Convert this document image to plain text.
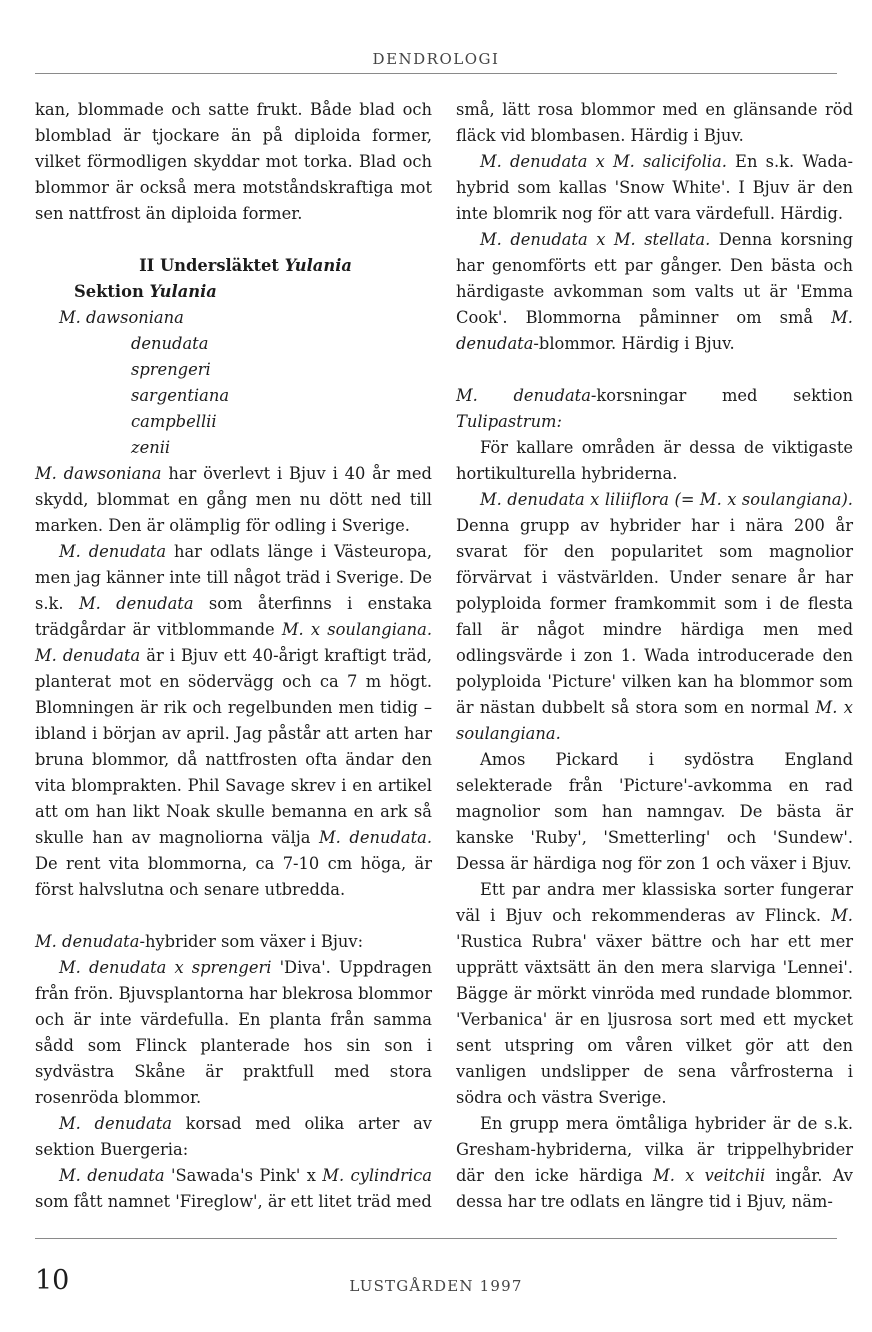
DENDROLOGI

kan, blommade och satte frukt. Både blad och blomblad är tjockare än på diploida former, vilket förmodligen skyddar mot torka. Blad och blommor är också mera motståndskraftiga mot sen nattfrost än diploida former.

II Undersläktet Yulania

Sektion Yulania

M. dawsoniana
denudata
sprengeri
sargentiana
campbellii
zenii

M. dawsoniana har överlevt i Bjuv i 40 år med skydd, blommat en gång men nu dött ned till marken. Den är olämplig för odling i Sverige.

M. denudata har odlats länge i Västeuropa, men jag känner inte till något träd i Sverige. De s.k. M. denudata som återfinns i enstaka trädgårdar är vitblommande M. x soulangiana. M. denudata är i Bjuv ett 40-årigt kraftigt träd, planterat mot en södervägg och ca 7 m högt. Blomningen är rik och regelbunden men tidig – ibland i början av april. Jag påstår att arten har bruna blommor, då nattfrosten ofta ändar den vita blomprakten. Phil Savage skrev i en artikel att om han likt Noak skulle bemanna en ark så skulle han av magnoliorna välja M. denudata. De rent vita blommorna, ca 7-10 cm höga, är först halvslutna och senare utbredda.

M. denudata-hybrider som växer i Bjuv:

M. denudata x sprengeri 'Diva'. Uppdragen från frön. Bjuvsplantorna har blekrosa blommor och är inte värdefulla. En planta från samma sådd som Flinck planterade hos sin son i sydvästra Skåne är praktfull med stora rosenröda blommor.

M. denudata korsad med olika arter av sektion Buergeria:

M. denudata 'Sawada's Pink' x M. cylindrica som fått namnet 'Fireglow', är ett litet träd med

små, lätt rosa blommor med en glänsande röd fläck vid blombasen. Härdig i Bjuv.

M. denudata x M. salicifolia. En s.k. Wada-hybrid som kallas 'Snow White'. I Bjuv är den inte blomrik nog för att vara värdefull. Härdig.

M. denudata x M. stellata. Denna korsning har genomförts ett par gånger. Den bästa och härdigaste avkomman som valts ut är 'Emma Cook'. Blommorna påminner om små M. denudata-blommor. Härdig i Bjuv.

M. denudata-korsningar med sektion Tulipastrum:

För kallare områden är dessa de viktigaste hortikulturella hybriderna.

M. denudata x liliiflora (= M. x soulangiana). Denna grupp av hybrider har i nära 200 år svarat för den popularitet som magnolior förvärvat i västvärlden. Under senare år har polyploida former framkommit som i de flesta fall är något mindre härdiga men med odlingsvärde i zon 1. Wada introducerade den polyploida 'Picture' vilken kan ha blommor som är nästan dubbelt så stora som en normal M. x soulangiana.

Amos Pickard i sydöstra England selekterade från 'Picture'-avkomma en rad magnolior som han namngav. De bästa är kanske 'Ruby', 'Smetterling' och 'Sundew'. Dessa är härdiga nog för zon 1 och växer i Bjuv.

Ett par andra mer klassiska sorter fungerar väl i Bjuv och rekommenderas av Flinck. M. 'Rustica Rubra' växer bättre och har ett mer upprätt växtsätt än den mera slarviga 'Lennei'. Bägge är mörkt vinröda med rundade blommor. 'Verbanica' är en ljusrosa sort med ett mycket sent utspring om våren vilket gör att den vanligen undslipper de sena vårfrosterna i södra och västra Sverige.

En grupp mera ömtåliga hybrider är de s.k. Gresham-hybriderna, vilka är trippelhybrider där den icke härdiga M. x veitchii ingår. Av dessa har tre odlats en längre tid i Bjuv, näm-

10	LUSTGÅRDEN 1997
